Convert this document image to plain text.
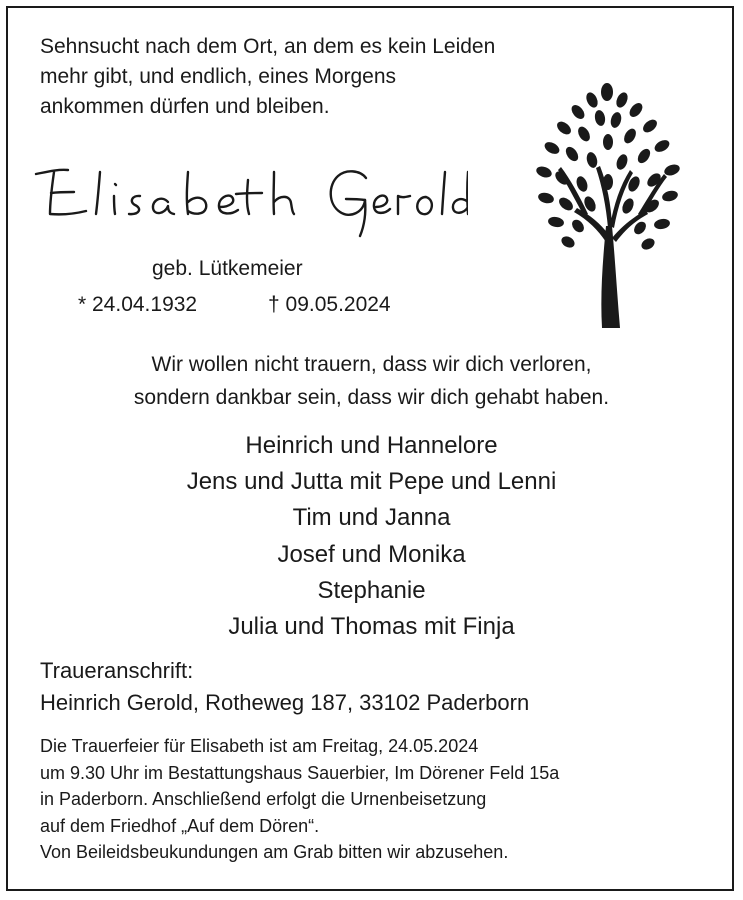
Sehnsucht nach dem Ort, an dem es kein Leiden
mehr gibt, und endlich, eines Morgens
ankommen dürfen und bleiben.
geb. Lütkemeier
* 24.04.1932	† 09.05.2024
Wir wollen nicht trauern, dass wir dich verloren,
sondern dankbar sein, dass wir dich gehabt haben.
Heinrich und Hannelore
Jens und Jutta mit Pepe und Lenni
Tim und Janna
Josef und Monika
Stephanie
Julia und Thomas mit Finja
Traueranschrift:
Heinrich Gerold, Rotheweg 187, 33102 Paderborn
Die Trauerfeier für Elisabeth ist am Freitag, 24.05.2024
um 9.30 Uhr im Bestattungshaus Sauerbier, Im Dörener Feld 15a
in Paderborn. Anschließend erfolgt die Urnenbeisetzung
auf dem Friedhof „Auf dem Dören“.
Von Beileidsbeukundungen am Grab bitten wir abzusehen.
